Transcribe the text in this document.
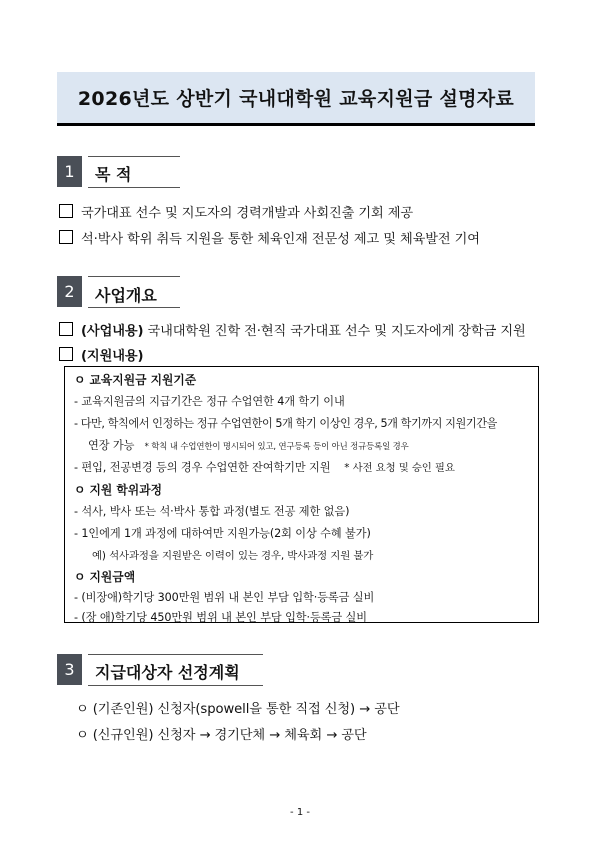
2026년도 상반기 국내대학원 교육지원금 설명자료
1	목 적
국가대표 선수 및 지도자의 경력개발과 사회진출 기회 제공
석·박사 학위 취득 지원을 통한 체육인재 전문성 제고 및 체육발전 기여
2	사업개요
(사업내용) 국내대학원 진학 전·현직 국가대표 선수 및 지도자에게 장학금 지원
(지원내용)
ㅇ 교육지원금 지원기준
- 교육지원금의 지급기간은 정규 수업연한 4개 학기 이내
- 다만, 학칙에서 인정하는 정규 수업연한이 5개 학기 이상인 경우, 5개 학기까지 지원기간을
연장 가능 * 학칙 내 수업연한이 명시되어 있고, 연구등록 등이 아닌 정규등록일 경우
- 편입, 전공변경 등의 경우 수업연한 잔여학기만 지원 * 사전 요청 및 승인 필요
ㅇ 지원 학위과정
- 석사, 박사 또는 석·박사 통합 과정(별도 전공 제한 없음)
- 1인에게 1개 과정에 대하여만 지원가능(2회 이상 수혜 불가)
예) 석사과정을 지원받은 이력이 있는 경우, 박사과정 지원 불가
ㅇ 지원금액
- (비장애)학기당 300만원 범위 내 본인 부담 입학·등록금 실비
- (장 애)학기당 450만원 범위 내 본인 부담 입학·등록금 실비
3	지급대상자 선정계획
ㅇ (기존인원) 신청자(spowell을 통한 직접 신청) → 공단
ㅇ (신규인원) 신청자 → 경기단체 → 체육회 → 공단
- 1 -
